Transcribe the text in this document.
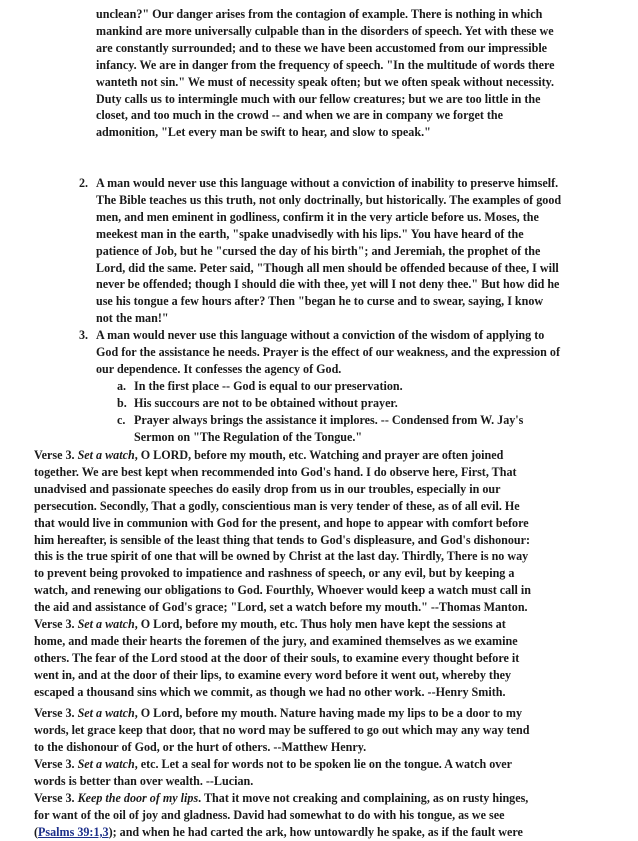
unclean?" Our danger arises from the contagion of example. There is nothing in which
mankind are more universally culpable than in the disorders of speech. Yet with these we
are constantly surrounded; and to these we have been accustomed from our impressible
infancy. We are in danger from the frequency of speech. "In the multitude of words there
wanteth not sin." We must of necessity speak often; but we often speak without necessity.
Duty calls us to intermingle much with our fellow creatures; but we are too little in the
closet, and too much in the crowd -- and when we are in company we forget the
admonition, "Let every man be swift to hear, and slow to speak."
2. A man would never use this language without a conviction of inability to preserve himself.
The Bible teaches us this truth, not only doctrinally, but historically. The examples of good
men, and men eminent in godliness, confirm it in the very article before us. Moses, the
meekest man in the earth, "spake unadvisedly with his lips." You have heard of the
patience of Job, but he "cursed the day of his birth"; and Jeremiah, the prophet of the
Lord, did the same. Peter said, "Though all men should be offended because of thee, I will
never be offended; though I should die with thee, yet will I not deny thee." But how did he
use his tongue a few hours after? Then "began he to curse and to swear, saying, I know
not the man!"
3. A man would never use this language without a conviction of the wisdom of applying to
God for the assistance he needs. Prayer is the effect of our weakness, and the expression of
our dependence. It confesses the agency of God.
a.
b.
c.
In the first place -- God is equal to our preservation.
His succours are not to be obtained without prayer.
Prayer always brings the assistance it implores. -- Condensed from W. Jay's
Sermon on "The Regulation of the Tongue."
Verse 3. Set a watch, O LORD, before my mouth, etc. Watching and prayer are often joined
together. We are best kept when recommended into God's hand. I do observe here, First, That
unadvised and passionate speeches do easily drop from us in our troubles, especially in our
persecution. Secondly, That a godly, conscientious man is very tender of these, as of all evil. He
that would live in communion with God for the present, and hope to appear with comfort before
him hereafter, is sensible of the least thing that tends to God's displeasure, and God's dishonour:
this is the true spirit of one that will be owned by Christ at the last day. Thirdly, There is no way
to prevent being provoked to impatience and rashness of speech, or any evil, but by keeping a
watch, and renewing our obligations to God. Fourthly, Whoever would keep a watch must call in
the aid and assistance of God's grace; "Lord, set a watch before my mouth." --Thomas Manton.
Verse 3. Set a watch, O Lord, before my mouth, etc. Thus holy men have kept the sessions at
home, and made their hearts the foremen of the jury, and examined themselves as we examine
others. The fear of the Lord stood at the door of their souls, to examine every thought before it
went in, and at the door of their lips, to examine every word before it went out, whereby they
escaped a thousand sins which we commit, as though we had no other work. --Henry Smith.
Verse 3. Set a watch, O Lord, before my mouth. Nature having made my lips to be a door to my
words, let grace keep that door, that no word may be suffered to go out which may any way tend
to the dishonour of God, or the hurt of others. --Matthew Henry.
Verse 3. Set a watch, etc. Let a seal for words not to be spoken lie on the tongue. A watch over
words is better than over wealth. --Lucian.
Verse 3. Keep the door of my lips. That it move not creaking and complaining, as on rusty hinges,
for want of the oil of joy and gladness. David had somewhat to do with his tongue, as we see
(Psalms 39:1,3); and when he had carted the ark, how untowardly he spake, as if the fault were
